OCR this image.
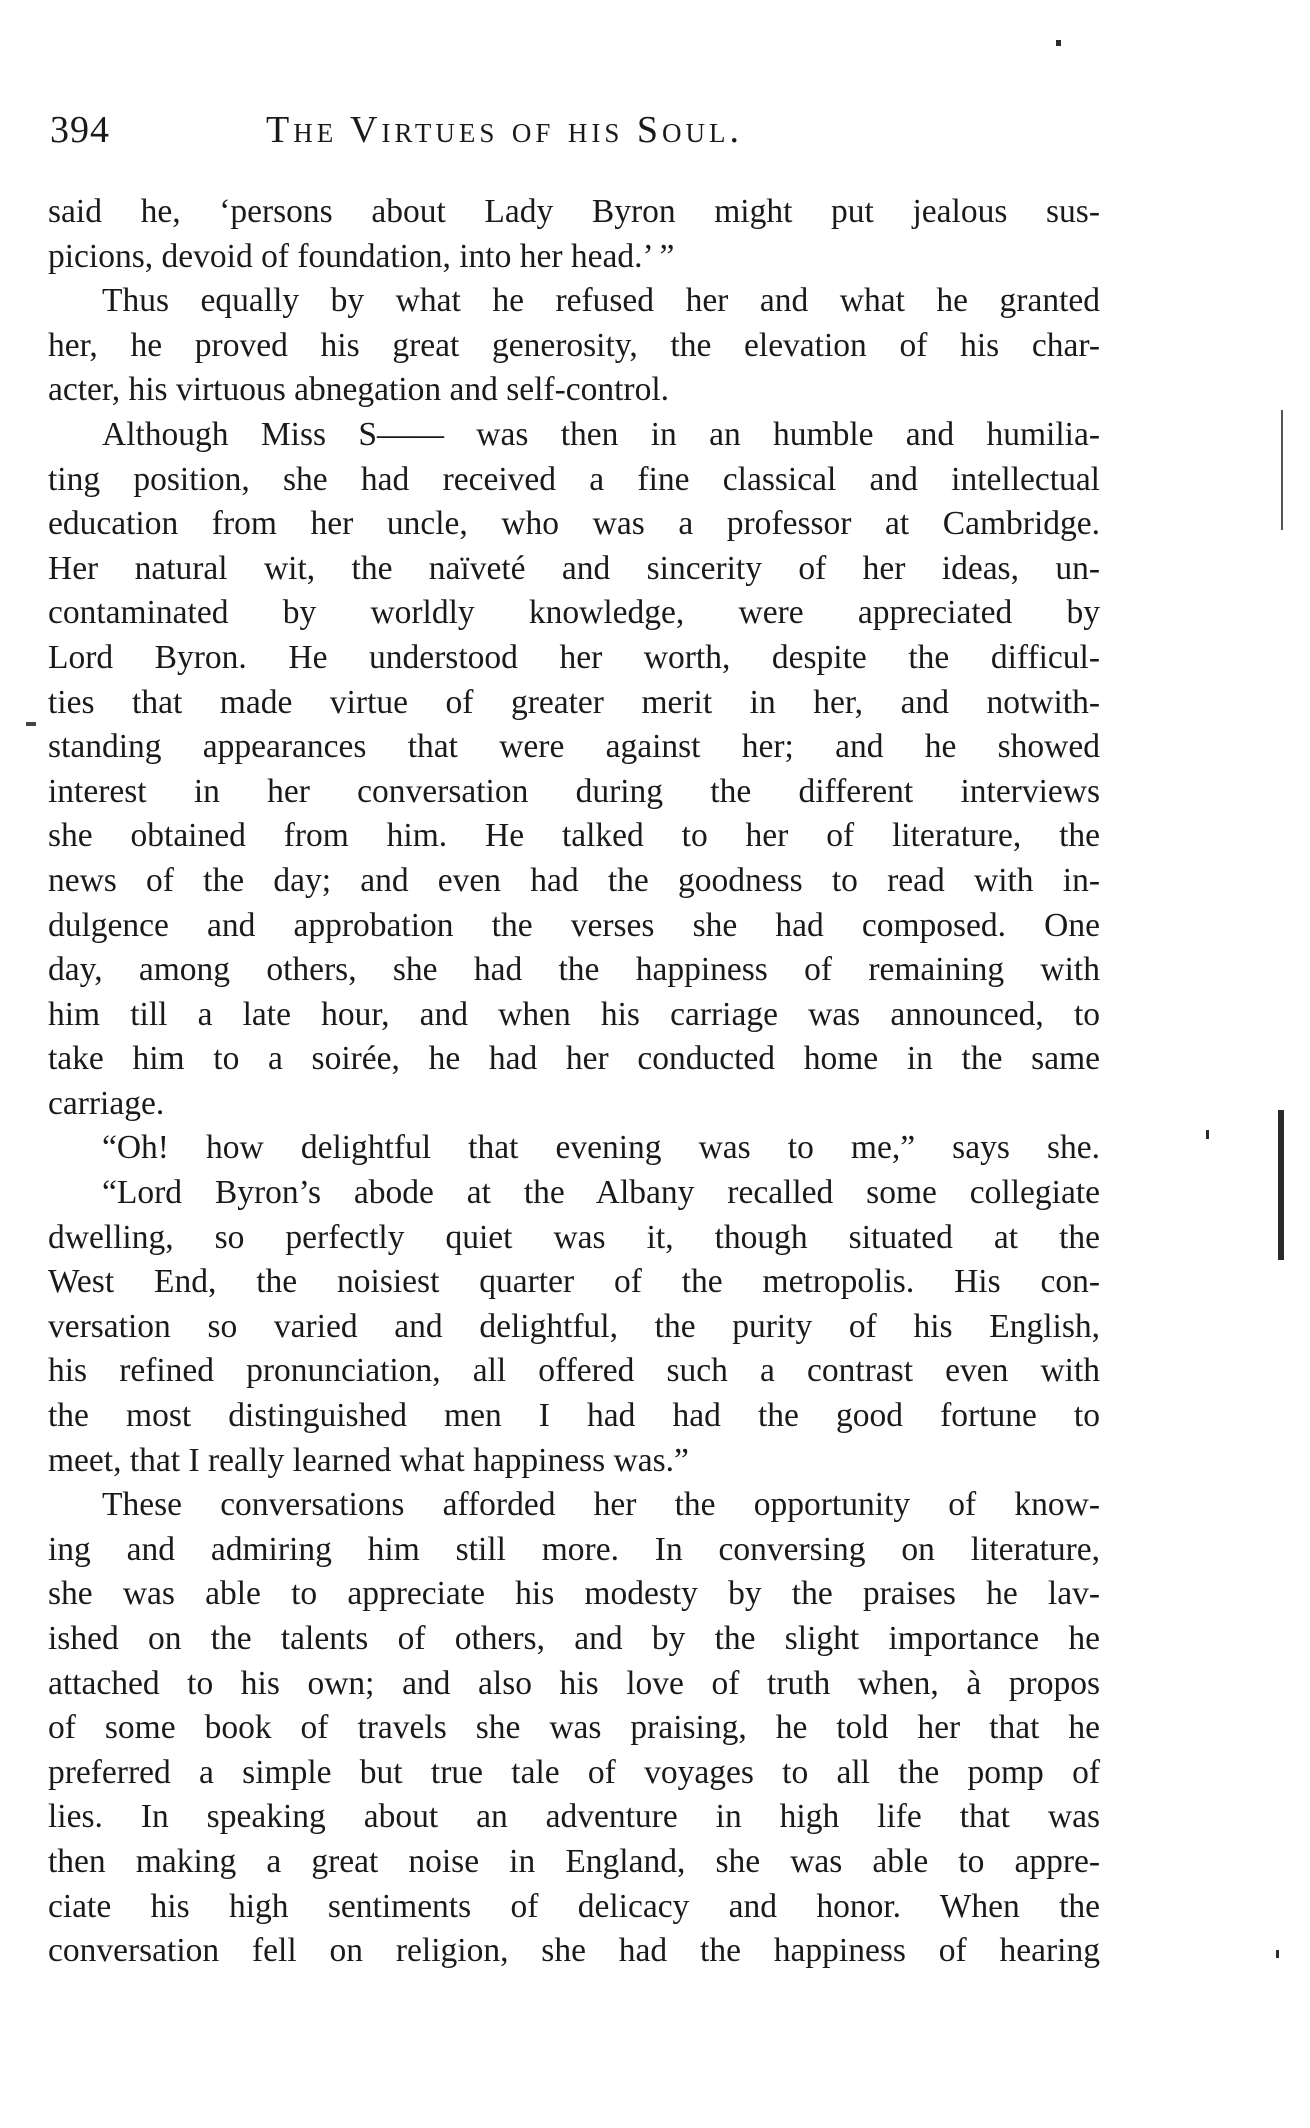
394	The Virtues of his Soul.
said he, ‘persons about Lady Byron might put jealous sus-
picions, devoid of foundation, into her head.’ ”
Thus equally by what he refused her and what he granted
her, he proved his great generosity, the elevation of his char-
acter, his virtuous abnegation and self-control.
Although Miss S—— was then in an humble and humilia-
ting position, she had received a fine classical and intellectual
education from her uncle, who was a professor at Cambridge.
Her natural wit, the naïveté and sincerity of her ideas, un-
contaminated by worldly knowledge, were appreciated by
Lord Byron. He understood her worth, despite the difficul-
ties that made virtue of greater merit in her, and notwith-
standing appearances that were against her; and he showed
interest in her conversation during the different interviews
she obtained from him. He talked to her of literature, the
news of the day; and even had the goodness to read with in-
dulgence and approbation the verses she had composed. One
day, among others, she had the happiness of remaining with
him till a late hour, and when his carriage was announced, to
take him to a soirée, he had her conducted home in the same
carriage.
“Oh! how delightful that evening was to me,” says she.
“Lord Byron’s abode at the Albany recalled some collegiate
dwelling, so perfectly quiet was it, though situated at the
West End, the noisiest quarter of the metropolis. His con-
versation so varied and delightful, the purity of his English,
his refined pronunciation, all offered such a contrast even with
the most distinguished men I had had the good fortune to
meet, that I really learned what happiness was.”
These conversations afforded her the opportunity of know-
ing and admiring him still more. In conversing on literature,
she was able to appreciate his modesty by the praises he lav-
ished on the talents of others, and by the slight importance he
attached to his own; and also his love of truth when, à propos
of some book of travels she was praising, he told her that he
preferred a simple but true tale of voyages to all the pomp of
lies. In speaking about an adventure in high life that was
then making a great noise in England, she was able to appre-
ciate his high sentiments of delicacy and honor. When the
conversation fell on religion, she had the happiness of hearing
